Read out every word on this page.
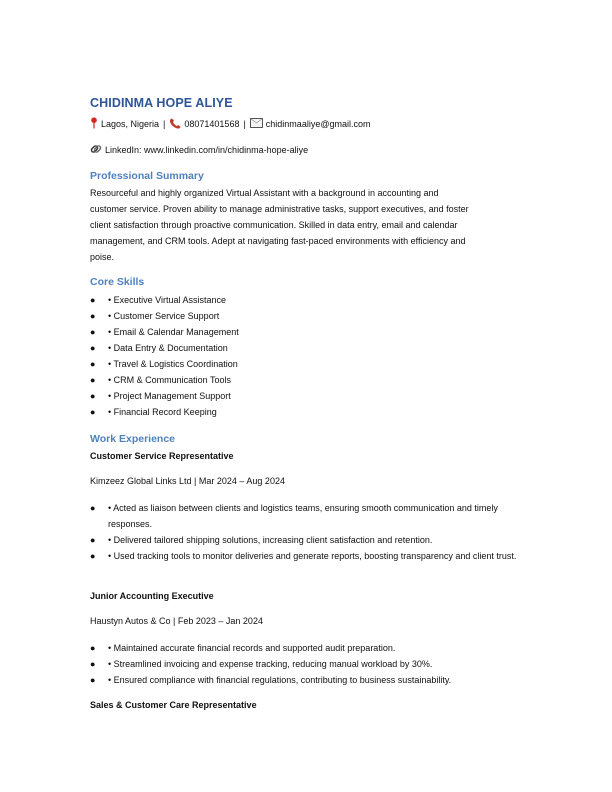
CHIDINMA HOPE ALIYE
Lagos, Nigeria | 08071401568 | chidinmaaliye@gmail.com
LinkedIn: www.linkedin.com/in/chidinma-hope-aliye
Professional Summary
Resourceful and highly organized Virtual Assistant with a background in accounting and
customer service. Proven ability to manage administrative tasks, support executives, and foster
client satisfaction through proactive communication. Skilled in data entry, email and calendar
management, and CRM tools. Adept at navigating fast-paced environments with efficiency and
poise.
Core Skills
●	• Executive Virtual Assistance
●	• Customer Service Support
●	• Email & Calendar Management
●	• Data Entry & Documentation
●	• Travel & Logistics Coordination
●	• CRM & Communication Tools
●	• Project Management Support
●	• Financial Record Keeping
Work Experience
Customer Service Representative
Kimzeez Global Links Ltd | Mar 2024 – Aug 2024
●	• Acted as liaison between clients and logistics teams, ensuring smooth communication and timely responses.
●	• Delivered tailored shipping solutions, increasing client satisfaction and retention.
●	• Used tracking tools to monitor deliveries and generate reports, boosting transparency and client trust.
Junior Accounting Executive
Haustyn Autos & Co | Feb 2023 – Jan 2024
●	• Maintained accurate financial records and supported audit preparation.
●	• Streamlined invoicing and expense tracking, reducing manual workload by 30%.
●	• Ensured compliance with financial regulations, contributing to business sustainability.
Sales & Customer Care Representative
